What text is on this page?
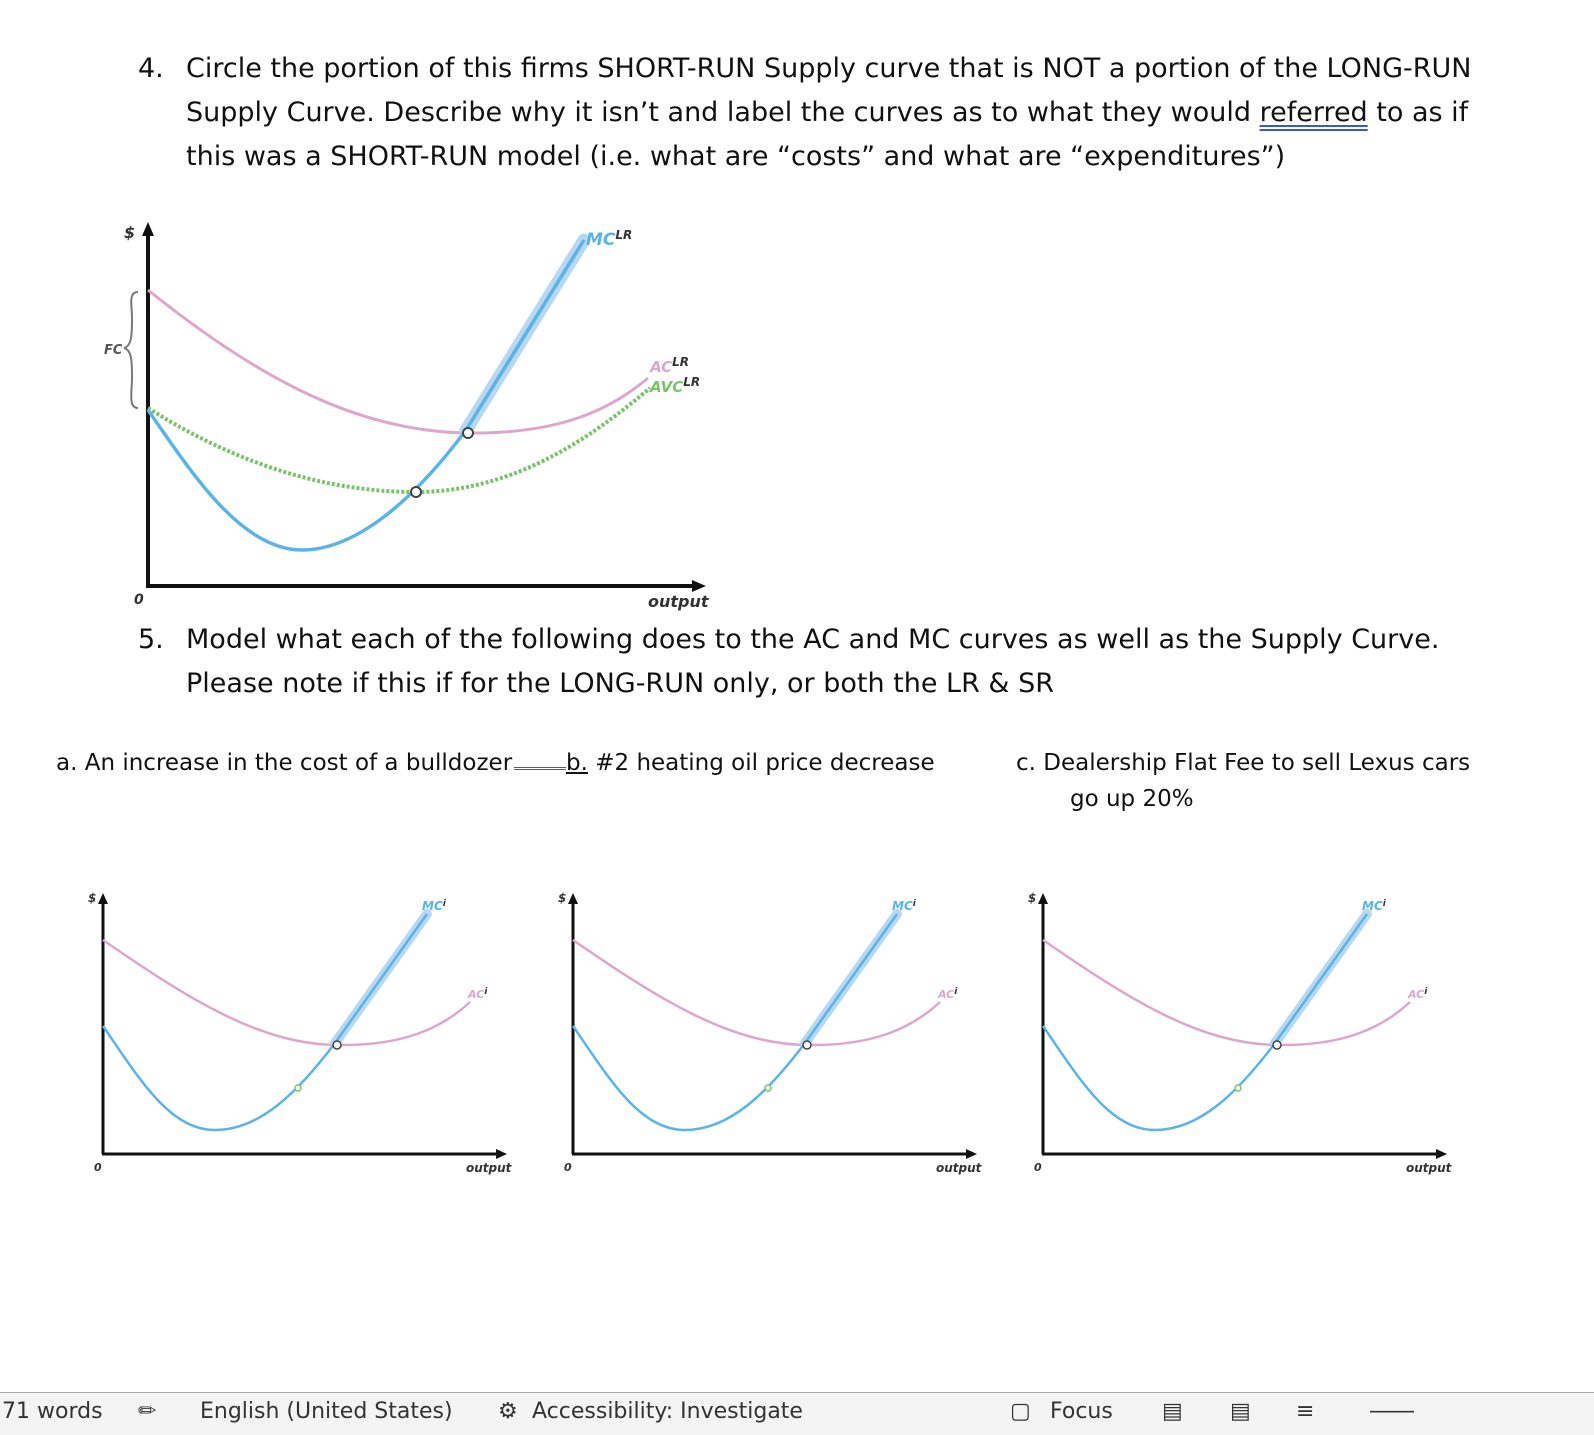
4. Circle the portion of this firms SHORT-RUN Supply curve that is NOT a portion of the LONG-RUN Supply Curve. Describe why it isn’t and label the curves as to what they would referred to as if this was a SHORT-RUN model (i.e. what are “costs” and what are “expenditures”)
$
0	output
FC
$MC^{LR}$
$AC^{LR}$
$AVC^{LR}$
5. Model what each of the following does to the AC and MC curves as well as the Supply Curve. Please note if this if for the LONG-RUN only, or both the LR & SR
a. An increase in the cost of a bulldozer	b. #2 heating oil price decrease	c. Dealership Flat Fee to sell Lexus cars
go up 20%
$
0	output
$MC^i$
$AC^i$
$
0	output
$MC^i$
$AC^i$
$
0	output
$MC^i$
$AC^i$
71 words ✏ English (United States) ⚙ Accessibility: Investigate	▢ Focus ▤ ▤ ≡	――
